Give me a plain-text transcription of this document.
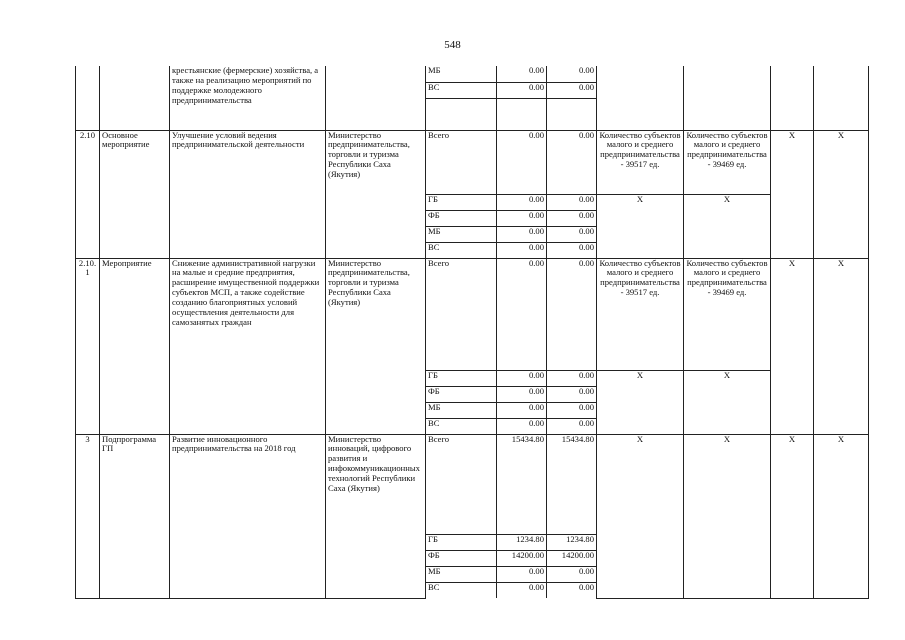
548
		крестьянские (фермерские) хозяйства, а также на реализацию мероприятий по поддержке молодежного предпринимательства		МБ	0.00	0.00				
				ВС	0.00	0.00				

2.10	Основное мероприятие	Улучшение условий ведения предпринимательской деятельности	Министерство предпринимательства, торговли и туризма Республики Саха (Якутия)	Всего	0.00	0.00	Количество субъектов малого и среднего предпринимательства - 39517 ед.	Количество субъектов малого и среднего предпринимательства - 39469 ед.	Х	Х
				ГБ	0.00	0.00	Х	Х		
				ФБ	0.00	0.00				
				МБ	0.00	0.00				
				ВС	0.00	0.00				
2.10.1	Мероприятие	Снижение административной нагрузки на малые и средние предприятия, расширение имущественной поддержки субъектов МСП, а также содействие созданию благоприятных условий осуществления деятельности для самозанятых граждан	Министерство предпринимательства, торговли и туризма Республики Саха (Якутия)	Всего	0.00	0.00	Количество субъектов малого и среднего предпринимательства - 39517 ед.	Количество субъектов малого и среднего предпринимательства - 39469 ед.	Х	Х
				ГБ	0.00	0.00	Х	Х		
				ФБ	0.00	0.00				
				МБ	0.00	0.00				
				ВС	0.00	0.00				
3	Подпрограмма ГП	Развитие инновационного предпринимательства на 2018 год	Министерство инноваций, цифрового развития и инфокоммуникационных технологий Республики Саха (Якутия)	Всего	15434.80	15434.80	Х	Х	Х	Х
				ГБ	1234.80	1234.80				
				ФБ	14200.00	14200.00				
				МБ	0.00	0.00				
				ВС	0.00	0.00				
